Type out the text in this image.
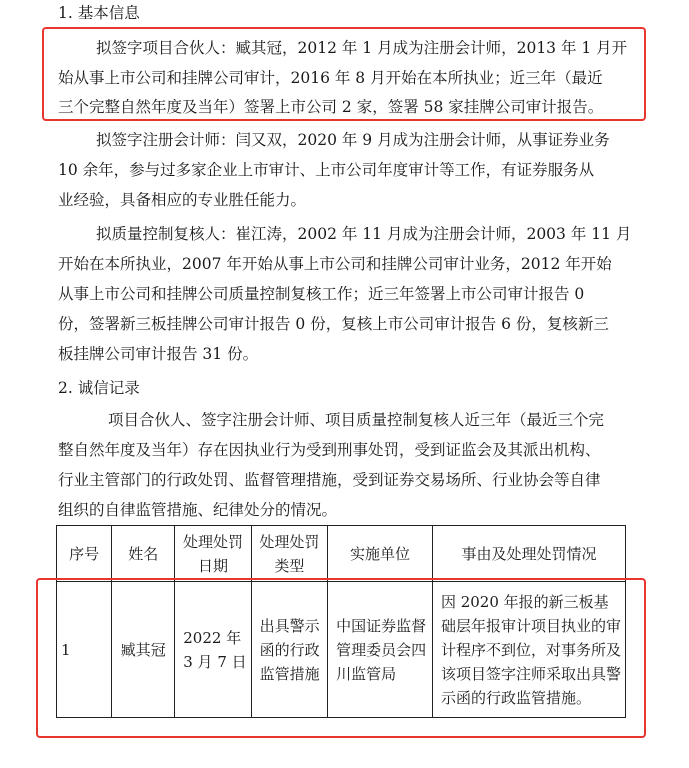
1. 基本信息
拟签字项目合伙人：臧其冠，2012 年 1 月成为注册会计师，2013 年 1 月开
始从事上市公司和挂牌公司审计，2016 年 8 月开始在本所执业；近三年（最近
三个完整自然年度及当年）签署上市公司 2 家，签署 58 家挂牌公司审计报告。
拟签字注册会计师：闫又双，2020 年 9 月成为注册会计师，从事证券业务
10 余年，参与过多家企业上市审计、上市公司年度审计等工作，有证券服务从
业经验，具备相应的专业胜任能力。
拟质量控制复核人：崔江涛，2002 年 11 月成为注册会计师，2003 年 11 月
开始在本所执业，2007 年开始从事上市公司和挂牌公司审计业务，2012 年开始
从事上市公司和挂牌公司质量控制复核工作；近三年签署上市公司审计报告 0
份，签署新三板挂牌公司审计报告 0 份，复核上市公司审计报告 6 份，复核新三
板挂牌公司审计报告 31 份。
2. 诚信记录
项目合伙人、签字注册会计师、项目质量控制复核人近三年（最近三个完
整自然年度及当年）存在因执业行为受到刑事处罚，受到证监会及其派出机构、
行业主管部门的行政处罚、监督管理措施，受到证券交易场所、行业协会等自律
组织的自律监管措施、纪律处分的情况。
序号	姓名	处理处罚日期	处理处罚类型	实施单位	事由及处理处罚情况
1	臧其冠	2022 年 3 月 7 日	出具警示函的行政监管措施	中国证券监督管理委员会四川监管局	因 2020 年报的新三板基础层年报审计项目执业的审计程序不到位，对事务所及该项目签字注师采取出具警示函的行政监管措施。
